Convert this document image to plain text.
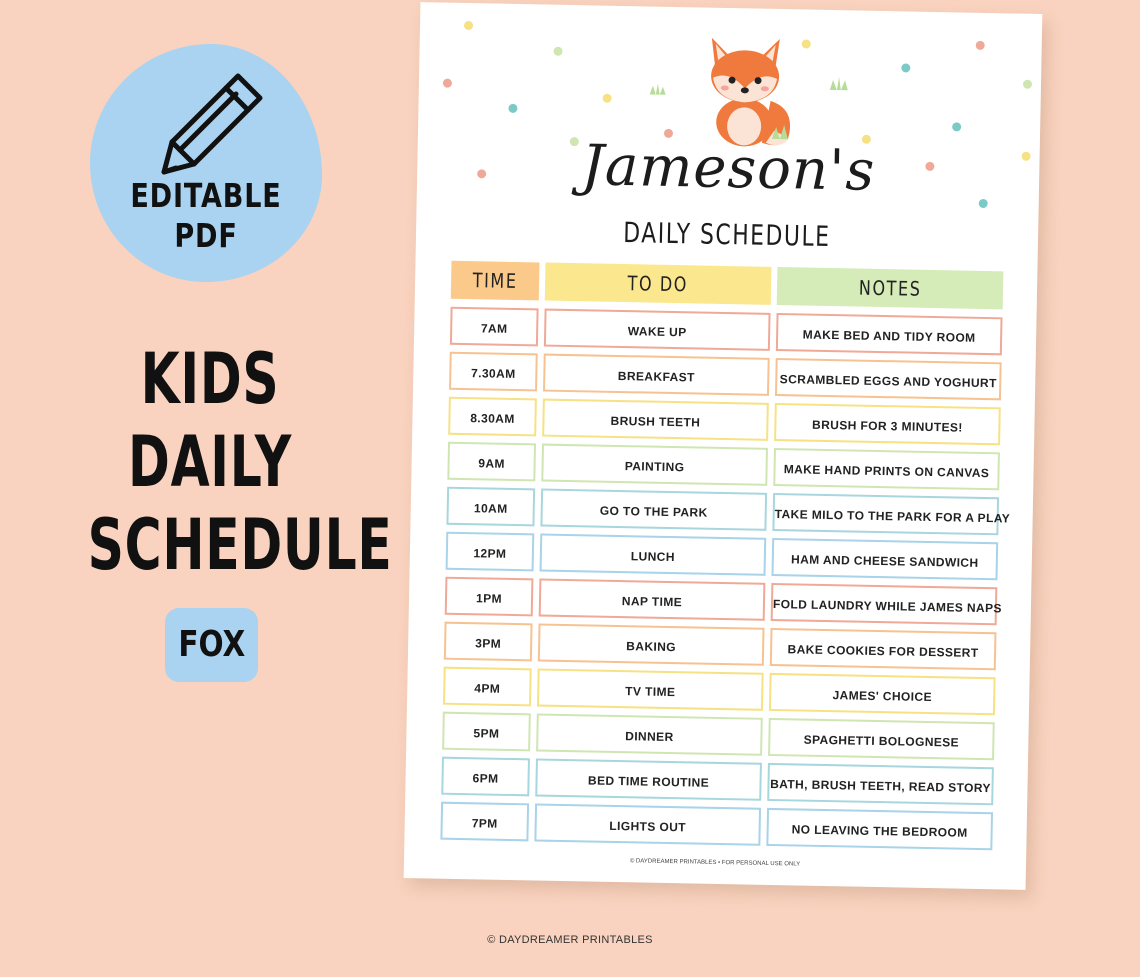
EDITABLE
PDF
KIDS
DAILY
SCHEDULE
FOX
© DAYDREAMER PRINTABLES
Jameson's
DAILY SCHEDULE
TIME	TO DO	NOTES
7AM	WAKE UP	MAKE BED AND TIDY ROOM
7.30AM	BREAKFAST	SCRAMBLED EGGS AND YOGHURT
8.30AM	BRUSH TEETH	BRUSH FOR 3 MINUTES!
9AM	PAINTING	MAKE HAND PRINTS ON CANVAS
10AM	GO TO THE PARK	TAKE MILO TO THE PARK FOR A PLAY
12PM	LUNCH	HAM AND CHEESE SANDWICH
1PM	NAP TIME	FOLD LAUNDRY WHILE JAMES NAPS
3PM	BAKING	BAKE COOKIES FOR DESSERT
4PM	TV TIME	JAMES' CHOICE
5PM	DINNER	SPAGHETTI BOLOGNESE
6PM	BED TIME ROUTINE	BATH, BRUSH TEETH, READ STORY
7PM	LIGHTS OUT	NO LEAVING THE BEDROOM
© DAYDREAMER PRINTABLES • FOR PERSONAL USE ONLY
